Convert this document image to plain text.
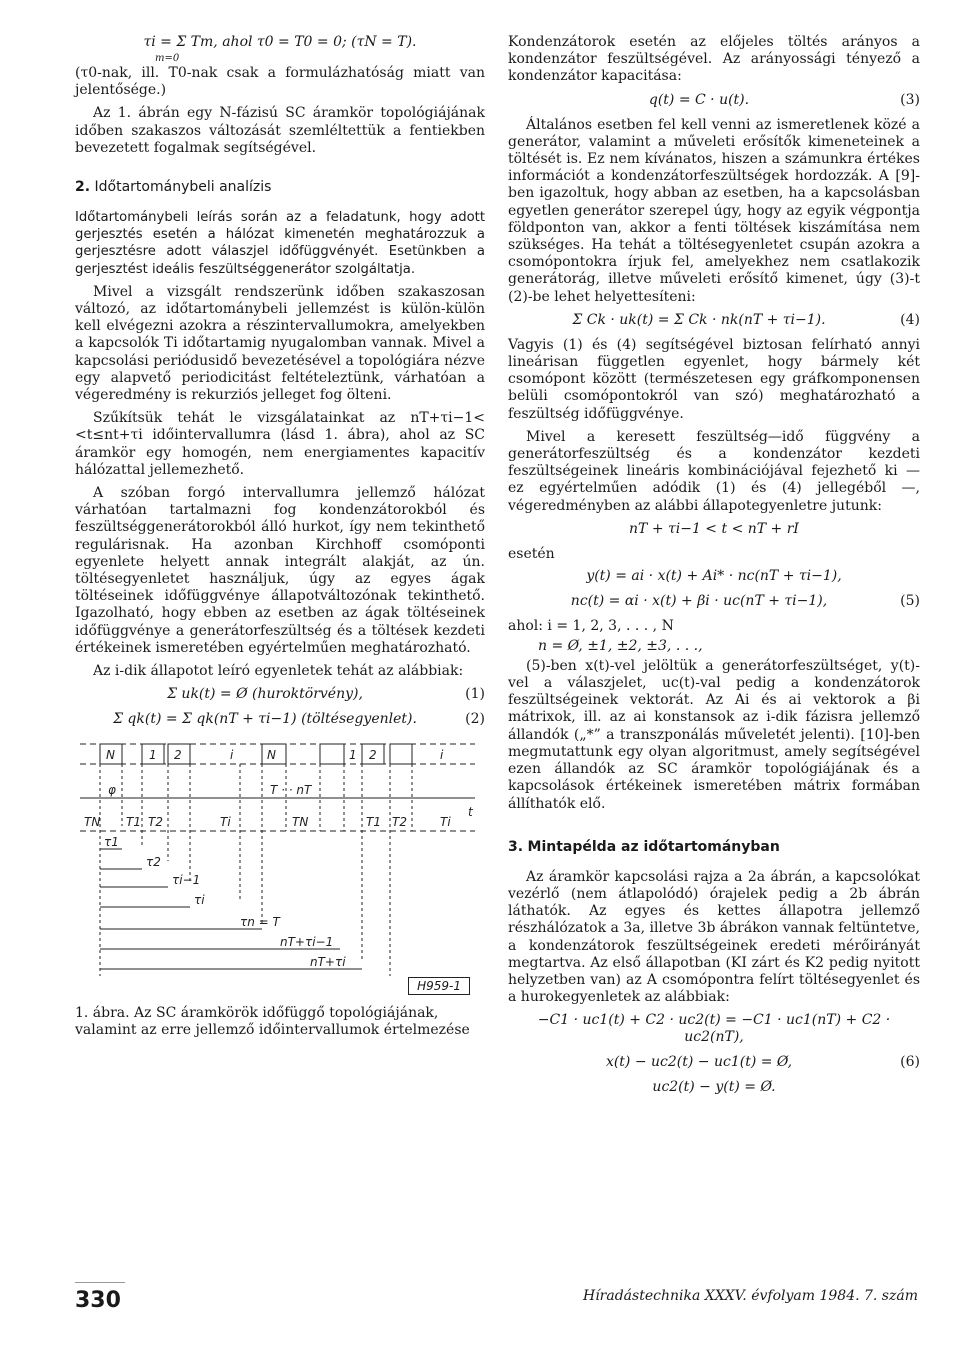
τi = Σ Tm, ahol τ0 = T0 = 0; (τN = T).
m=0

(τ0-nak, ill. T0-nak csak a formulázhatóság miatt van jelentősége.)

Az 1. ábrán egy N-fázisú SC áramkör topológiájának időben szakaszos változását szemléltettük a fentiekben bevezetett fogalmak segítségével.

2. Időtartománybeli analízis

Időtartománybeli leírás során az a feladatunk, hogy adott gerjesztés esetén a hálózat kimenetén meghatározzuk a gerjesztésre adott válaszjel időfüggvényét. Esetünkben a gerjesztést ideális feszültséggenerátor szolgáltatja.

Mivel a vizsgált rendszerünk időben szakaszosan változó, az időtartománybeli jellemzést is külön-külön kell elvégezni azokra a részintervallumokra, amelyekben a kapcsolók Ti időtartamig nyugalomban vannak. Mivel a kapcsolási periódusidő bevezetésével a topológiára nézve egy alapvető periodicitást feltételeztünk, várhatóan a végeredmény is rekurziós jelleget fog ölteni.

Szűkítsük tehát le vizsgálatainkat az nT+τi−1< <t≤nt+τi időintervallumra (lásd 1. ábra), ahol az SC áramkör egy homogén, nem energiamentes kapacitív hálózattal jellemezhető.

A szóban forgó intervallumra jellemző hálózat várhatóan tartalmazni fog kondenzátorokból és feszültséggenerátorokból álló hurkot, így nem tekinthető regulárisnak. Ha azonban Kirchhoff csomóponti egyenlete helyett annak integrált alakját, az ún. töltésegyenletet használjuk, úgy az egyes ágak töltéseinek időfüggvénye állapotváltozónak tekinthető. Igazolható, hogy ebben az esetben az ágak töltéseinek időfüggvénye a generátorfeszültség és a töltések kezdeti értékeinek ismeretében egyértelműen meghatározható.

Az i-dik állapotot leíró egyenletek tehát az alábbiak:

Σ uk(t) = Ø (huroktörvény),	(1)
Σ qk(t) = Σ qk(nT + τi−1) (töltésegyenlet).	(2)
N	1 2	i	N	1 2	i
φ	T · · nT
t
TN T1 T2	Ti	TN	T1 T2	Ti
τ1
τ2
τi−1
τi
τn = T
nT+τi−1
nT+τi
H959-1
1. ábra. Az SC áramkörök időfüggő topológiájának, valamint az erre jellemző időintervallumok értelmezése

Kondenzátorok esetén az előjeles töltés arányos a kondenzátor feszültségével. Az arányossági tényező a kondenzátor kapacitása:

q(t) = C · u(t).	(3)

Általános esetben fel kell venni az ismeretlenek közé a generátor, valamint a műveleti erősítők kimeneteinek a töltését is. Ez nem kívánatos, hiszen a számunkra értékes információt a kondenzátorfeszültségek hordozzák. A [9]-ben igazoltuk, hogy abban az esetben, ha a kapcsolásban egyetlen generátor szerepel úgy, hogy az egyik végpontja földponton van, akkor a fenti töltések kiszámítása nem szükséges. Ha tehát a töltésegyenletet csupán azokra a csomópontokra írjuk fel, amelyekhez nem csatlakozik generátorág, illetve műveleti erősítő kimenet, úgy (3)-t (2)-be lehet helyettesíteni:

Σ Ck · uk(t) = Σ Ck · nk(nT + τi−1).	(4)

Vagyis (1) és (4) segítségével biztosan felírható annyi lineárisan független egyenlet, hogy bármely két csomópont között (természetesen egy gráfkomponensen belüli csomópontokról van szó) meghatározható a feszültség időfüggvénye.

Mivel a keresett feszültség—idő függvény a generátorfeszültség és a kondenzátor kezdeti feszültségeinek lineáris kombinációjával fejezhető ki — ez egyértelműen adódik (1) és (4) jellegéből —, végeredményben az alábbi állapotegyenletre jutunk:

nT + τi−1 < t < nT + rI
esetén
y(t) = ai · x(t) + Ai* · nc(nT + τi−1),
nc(t) = αi · x(t) + βi · uc(nT + τi−1),	(5)
ahol: i = 1, 2, 3, . . . , N
n = Ø, ±1, ±2, ±3, . . .,

(5)-ben x(t)-vel jelöltük a generátorfeszültséget, y(t)-vel a válaszjelet, uc(t)-val pedig a kondenzátorok feszültségeinek vektorát. Az Ai és ai vektorok a βi mátrixok, ill. az ai konstansok az i-dik fázisra jellemző állandók („*” a transzponálás műveletét jelenti). [10]-ben megmutattunk egy olyan algoritmust, amely segítségével ezen állandók az SC áramkör topológiájának és a kapcsolások értékeinek ismeretében mátrix formában állíthatók elő.

3. Mintapélda az időtartományban

Az áramkör kapcsolási rajza a 2a ábrán, a kapcsolókat vezérlő (nem átlapolódó) órajelek pedig a 2b ábrán láthatók. Az egyes és kettes állapotra jellemző részhálózatok a 3a, illetve 3b ábrákon vannak feltüntetve, a kondenzátorok feszültségeinek eredeti mérőirányát megtartva. Az első állapotban (KI zárt és K2 pedig nyitott helyzetben van) az A csomópontra felírt töltésegyenlet és a hurokegyenletek az alábbiak:

−C1 · uc1(t) + C2 · uc2(t) = −C1 · uc1(nT) + C2 · uc2(nT),
x(t) − uc2(t) − uc1(t) = Ø,	(6)
uc2(t) − y(t) = Ø.
330	Híradástechnika XXXV. évfolyam 1984. 7. szám
